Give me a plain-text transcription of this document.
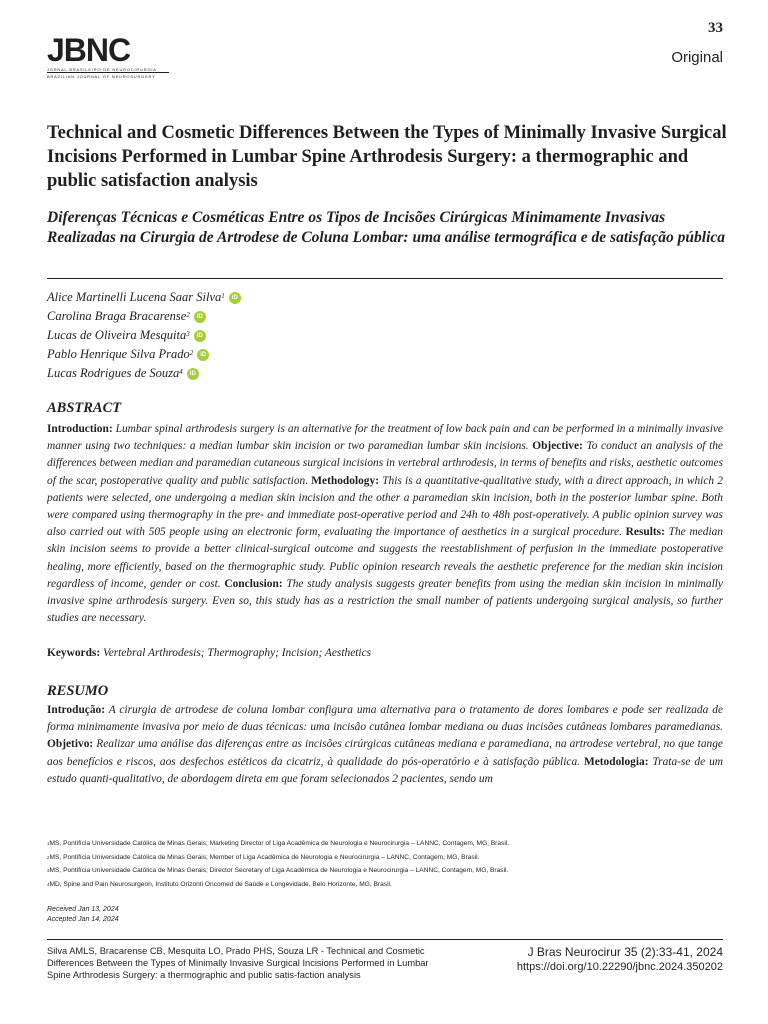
33
JBNC
JORNAL BRASILEIRO DE NEUROCIRURGIA
BRAZILIAN JOURNAL OF NEUROSURGERY
Original
Technical and Cosmetic Differences Between the Types of Minimally Invasive Surgical Incisions Performed in Lumbar Spine Arthrodesis Surgery: a thermographic and public satisfaction analysis
Diferenças Técnicas e Cosméticas Entre os Tipos de Incisões Cirúrgicas Minimamente Invasivas Realizadas na Cirurgia de Artrodese de Coluna Lombar: uma análise termográfica e de satisfação pública
Alice Martinelli Lucena Saar Silva$^1$	iD
Carolina Braga Bracarense$^2$	iD
Lucas de Oliveira Mesquita$^3$	iD
Pablo Henrique Silva Prado$^2$	iD
Lucas Rodrigues de Souza$^4$	iD
ABSTRACT

Introduction: Lumbar spinal arthrodesis surgery is an alternative for the treatment of low back pain and can be performed in a minimally invasive manner using two techniques: a median lumbar skin incision or two paramedian lumbar skin incisions. Objective: To conduct an analysis of the differences between median and paramedian cutaneous surgical incisions in vertebral arthrodesis, in terms of benefits and risks, aesthetic outcomes of the scar, postoperative quality and public satisfaction. Methodology: This is a quantitative-qualitative study, with a direct approach, in which 2 patients were selected, one undergoing a median skin incision and the other a paramedian skin incision, both in the posterior lumbar spine. Both were compared using thermography in the pre- and immediate post-operative period and 24h to 48h post-operatively. A public opinion survey was also carried out with 505 people using an electronic form, evaluating the importance of aesthetics in a surgical procedure. Results: The median skin incision seems to provide a better clinical-surgical outcome and suggests the reestablishment of perfusion in the immediate postoperative healing, more efficiently, based on the thermographic study. Public opinion research reveals the aesthetic preference for the median skin incision regardless of income, gender or cost. Conclusion: The study analysis suggests greater benefits from using the median skin incision in minimally invasive spine arthrodesis surgery. Even so, this study has as a restriction the small number of patients undergoing surgical analysis, so further studies are necessary.

Keywords: Vertebral Arthrodesis; Thermography; Incision; Aesthetics

RESUMO

Introdução: A cirurgia de artrodese de coluna lombar configura uma alternativa para o tratamento de dores lombares e pode ser realizada de forma minimamente invasiva por meio de duas técnicas: uma incisão cutânea lombar mediana ou duas incisões cutâneas lombares paramedianas. Objetivo: Realizar uma análise das diferenças entre as incisões cirúrgicas cutâneas mediana e paramediana, na artrodese vertebral, no que tange aos benefícios e riscos, aos desfechos estéticos da cicatriz, à qualidade do pós-operatório e à satisfação pública. Metodologia: Trata-se de um estudo quanti-qualitativo, de abordagem direta em que foram selecionados 2 pacientes, sendo um

$^1$MS, Pontifícia Universidade Católica de Minas Gerais; Marketing Director of Liga Acadêmica de Neurologia e Neurocirurgia – LANNC, Contagem, MG, Brasil.
$^2$MS, Pontifícia Universidade Católica de Minas Gerais; Member of Liga Acadêmica de Neurologia e Neurocirurgia – LANNC, Contagem, MG, Brasil.
$^3$MS, Pontifícia Universidade Católica de Minas Gerais; Director Secretary of Liga Acadêmica de Neurologia e Neurocirurgia – LANNC, Contagem, MG, Brasil.
$^4$MD, Spine and Pain Neurosurgeon, Instituto Orizonti Oncomed de Saúde e Longevidade, Belo Horizonte, MG, Brasil.
Received Jan 13, 2024
Accepted Jan 14, 2024

Silva AMLS, Bracarense CB, Mesquita LO, Prado PHS, Souza LR - Technical and Cosmetic Differences Between the Types of Minimally Invasive Surgical Incisions Performed in Lumbar Spine Arthrodesis Surgery: a thermographic and public satis-faction analysis

J Bras Neurocirur 35 (2):33-41, 2024
https://doi.org/10.22290/jbnc.2024.350202
